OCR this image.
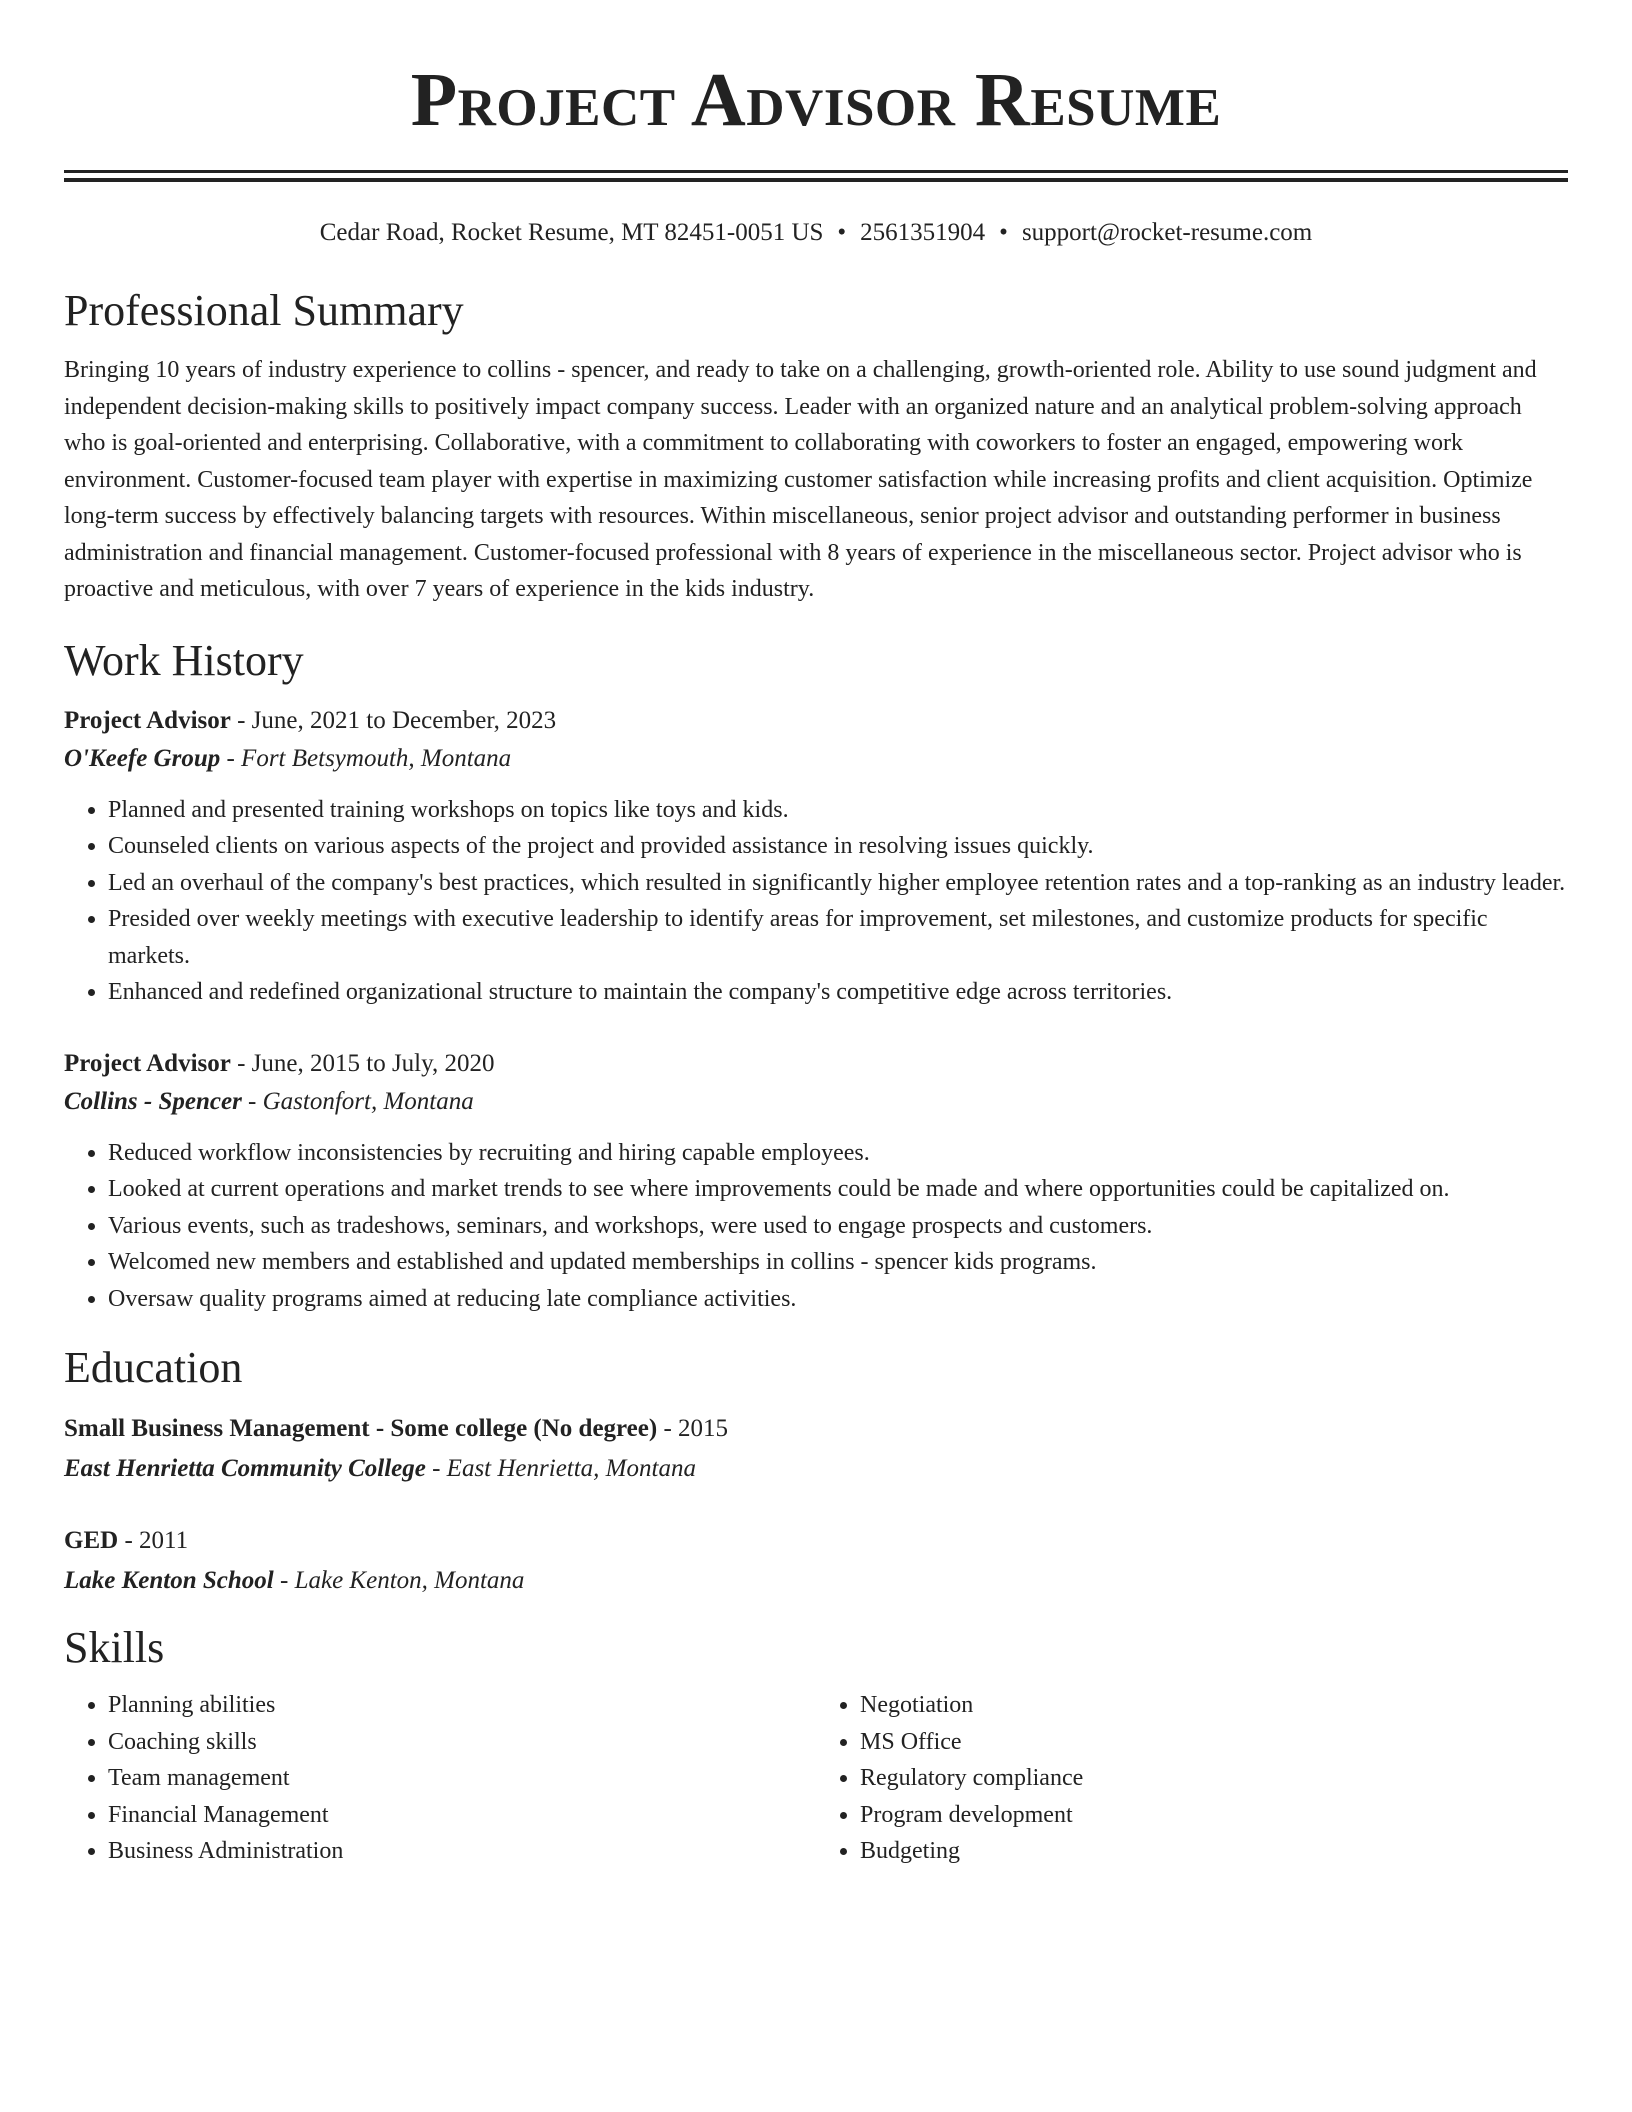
Project Advisor Resume
Cedar Road, Rocket Resume, MT 82451-0051 US • 2561351904 • support@rocket-resume.com
Professional Summary

Bringing 10 years of industry experience to collins - spencer, and ready to take on a challenging, growth-oriented role. Ability to use sound judgment and independent decision-making skills to positively impact company success. Leader with an organized nature and an analytical problem-solving approach who is goal-oriented and enterprising. Collaborative, with a commitment to collaborating with coworkers to foster an engaged, empowering work environment. Customer-focused team player with expertise in maximizing customer satisfaction while increasing profits and client acquisition. Optimize long-term success by effectively balancing targets with resources. Within miscellaneous, senior project advisor and outstanding performer in business administration and financial management. Customer-focused professional with 8 years of experience in the miscellaneous sector. Project advisor who is proactive and meticulous, with over 7 years of experience in the kids industry.

Work History
Project Advisor - June, 2021 to December, 2023
O'Keefe Group - Fort Betsymouth, Montana
• Planned and presented training workshops on topics like toys and kids.
• Counseled clients on various aspects of the project and provided assistance in resolving issues quickly.
• Led an overhaul of the company's best practices, which resulted in significantly higher employee retention rates and a top-ranking as an industry leader.
• Presided over weekly meetings with executive leadership to identify areas for improvement, set milestones, and customize products for specific markets.
• Enhanced and redefined organizational structure to maintain the company's competitive edge across territories.
Project Advisor - June, 2015 to July, 2020
Collins - Spencer - Gastonfort, Montana
• Reduced workflow inconsistencies by recruiting and hiring capable employees.
• Looked at current operations and market trends to see where improvements could be made and where opportunities could be capitalized on.
• Various events, such as tradeshows, seminars, and workshops, were used to engage prospects and customers.
• Welcomed new members and established and updated memberships in collins - spencer kids programs.
• Oversaw quality programs aimed at reducing late compliance activities.
Education
Small Business Management - Some college (No degree) - 2015
East Henrietta Community College - East Henrietta, Montana
GED - 2011
Lake Kenton School - Lake Kenton, Montana
Skills
• Planning abilities
• Coaching skills
• Team management
• Financial Management
• Business Administration
• Negotiation
• MS Office
• Regulatory compliance
• Program development
• Budgeting
